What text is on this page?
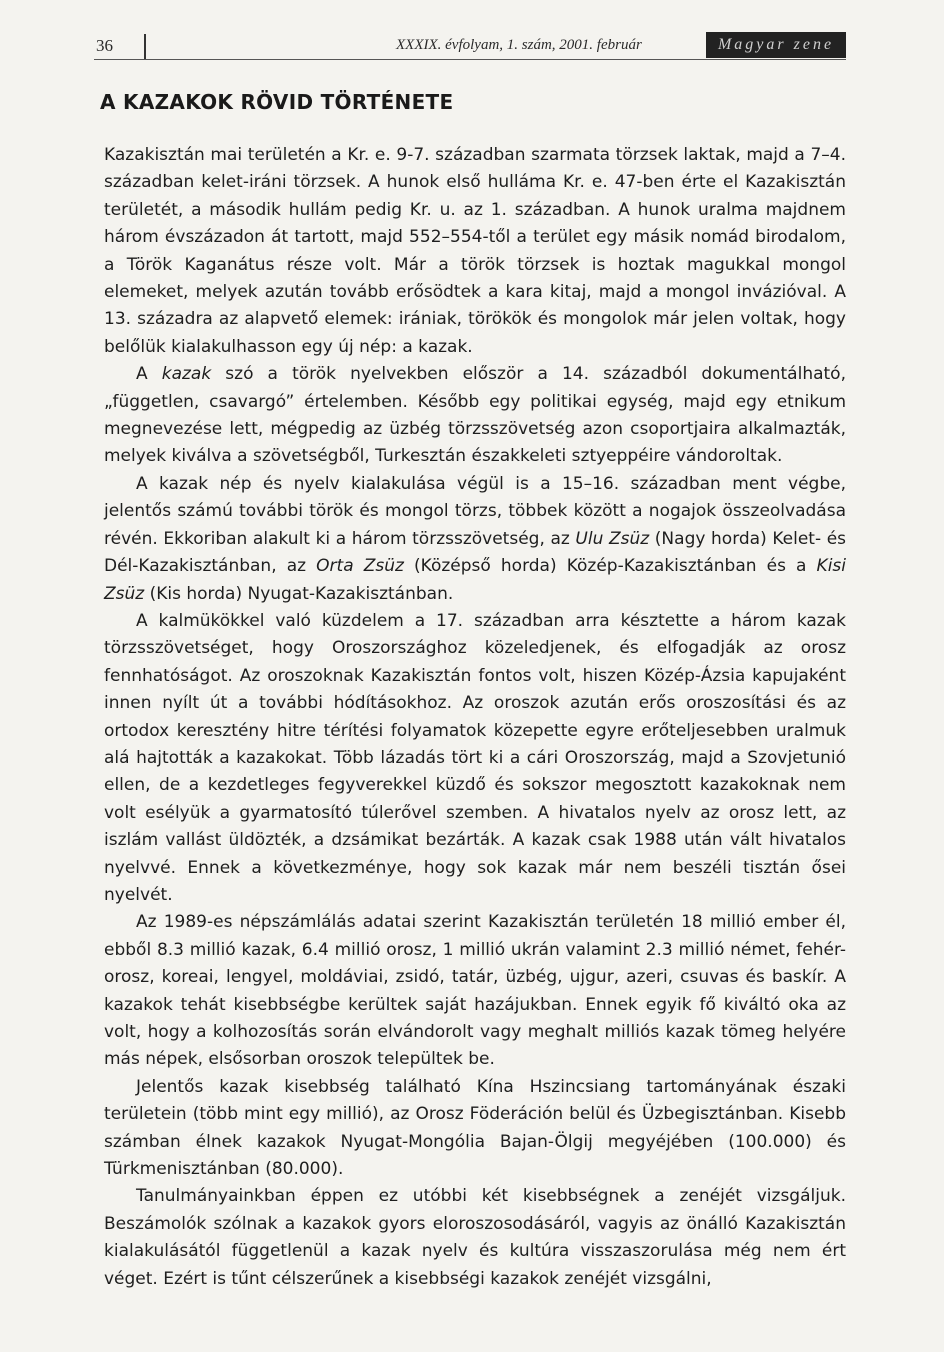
36	XXXIX. évfolyam, 1. szám, 2001. február	Magyar zene
A KAZAKOK RÖVID TÖRTÉNETE

Kazakisztán mai területén a Kr. e. 9-7. században szarmata törzsek laktak, majd a 7–4. században kelet-iráni törzsek. A hunok első hulláma Kr. e. 47-ben érte el Kazakisztán területét, a második hullám pedig Kr. u. az 1. században. A hunok uralma majdnem három évszázadon át tartott, majd 552–554-től a terület egy másik nomád birodalom, a Török Kaganátus része volt. Már a török törzsek is hoztak magukkal mongol elemeket, melyek azután tovább erősödtek a kara kitaj, majd a mongol invázióval. A 13. századra az alapvető elemek: irániak, törökök és mongolok már jelen voltak, hogy belőlük kialakulhasson egy új nép: a kazak.

A kazak szó a török nyelvekben először a 14. századból dokumentálható, „független, csavargó” értelemben. Később egy politikai egység, majd egy etnikum megnevezése lett, mégpedig az üzbég törzsszövetség azon csoportjaira alkalmazták, melyek kiválva a szövetségből, Turkesztán északkeleti sztyeppéire vándoroltak.

A kazak nép és nyelv kialakulása végül is a 15–16. században ment végbe, jelentős számú további török és mongol törzs, többek között a nogajok összeolvadása révén. Ekkoriban alakult ki a három törzsszövetség, az Ulu Zsüz (Nagy horda) Kelet- és Dél-Kazakisztánban, az Orta Zsüz (Középső horda) Közép-Kazakisztánban és a Kisi Zsüz (Kis horda) Nyugat-Kazakisztánban.

A kalmükökkel való küzdelem a 17. században arra késztette a három kazak törzsszövetséget, hogy Oroszországhoz közeledjenek, és elfogadják az orosz fennhatóságot. Az oroszoknak Kazakisztán fontos volt, hiszen Közép-Ázsia kapujaként innen nyílt út a további hódításokhoz. Az oroszok azután erős oroszosítási és az ortodox keresztény hitre térítési folyamatok közepette egyre erőteljesebben uralmuk alá hajtották a kazakokat. Több lázadás tört ki a cári Oroszország, majd a Szovjetunió ellen, de a kezdetleges fegyverekkel küzdő és sokszor megosztott kazakoknak nem volt esélyük a gyarmatosító túlerővel szemben. A hivatalos nyelv az orosz lett, az iszlám vallást üldözték, a dzsámikat bezárták. A kazak csak 1988 után vált hivatalos nyelvvé. Ennek a következménye, hogy sok kazak már nem beszéli tisztán ősei nyelvét.

Az 1989-es népszámlálás adatai szerint Kazakisztán területén 18 millió ember él, ebből 8.3 millió kazak, 6.4 millió orosz, 1 millió ukrán valamint 2.3 millió német, fehér-orosz, koreai, lengyel, moldáviai, zsidó, tatár, üzbég, ujgur, azeri, csuvas és baskír. A kazakok tehát kisebbségbe kerültek saját hazájukban. Ennek egyik fő kiváltó oka az volt, hogy a kolhozosítás során elvándorolt vagy meghalt milliós kazak tömeg helyére más népek, elsősorban oroszok települtek be.

Jelentős kazak kisebbség található Kína Hszincsiang tartományának északi területein (több mint egy millió), az Orosz Föderáción belül és Üzbegisztánban. Kisebb számban élnek kazakok Nyugat-Mongólia Bajan-Ölgij megyéjében (100.000) és Türkmenisztánban (80.000).

Tanulmányainkban éppen ez utóbbi két kisebbségnek a zenéjét vizsgáljuk. Beszámolók szólnak a kazakok gyors eloroszosodásáról, vagyis az önálló Kazakisztán kialakulásától függetlenül a kazak nyelv és kultúra visszaszorulása még nem ért véget. Ezért is tűnt célszerűnek a kisebbségi kazakok zenéjét vizsgálni,
